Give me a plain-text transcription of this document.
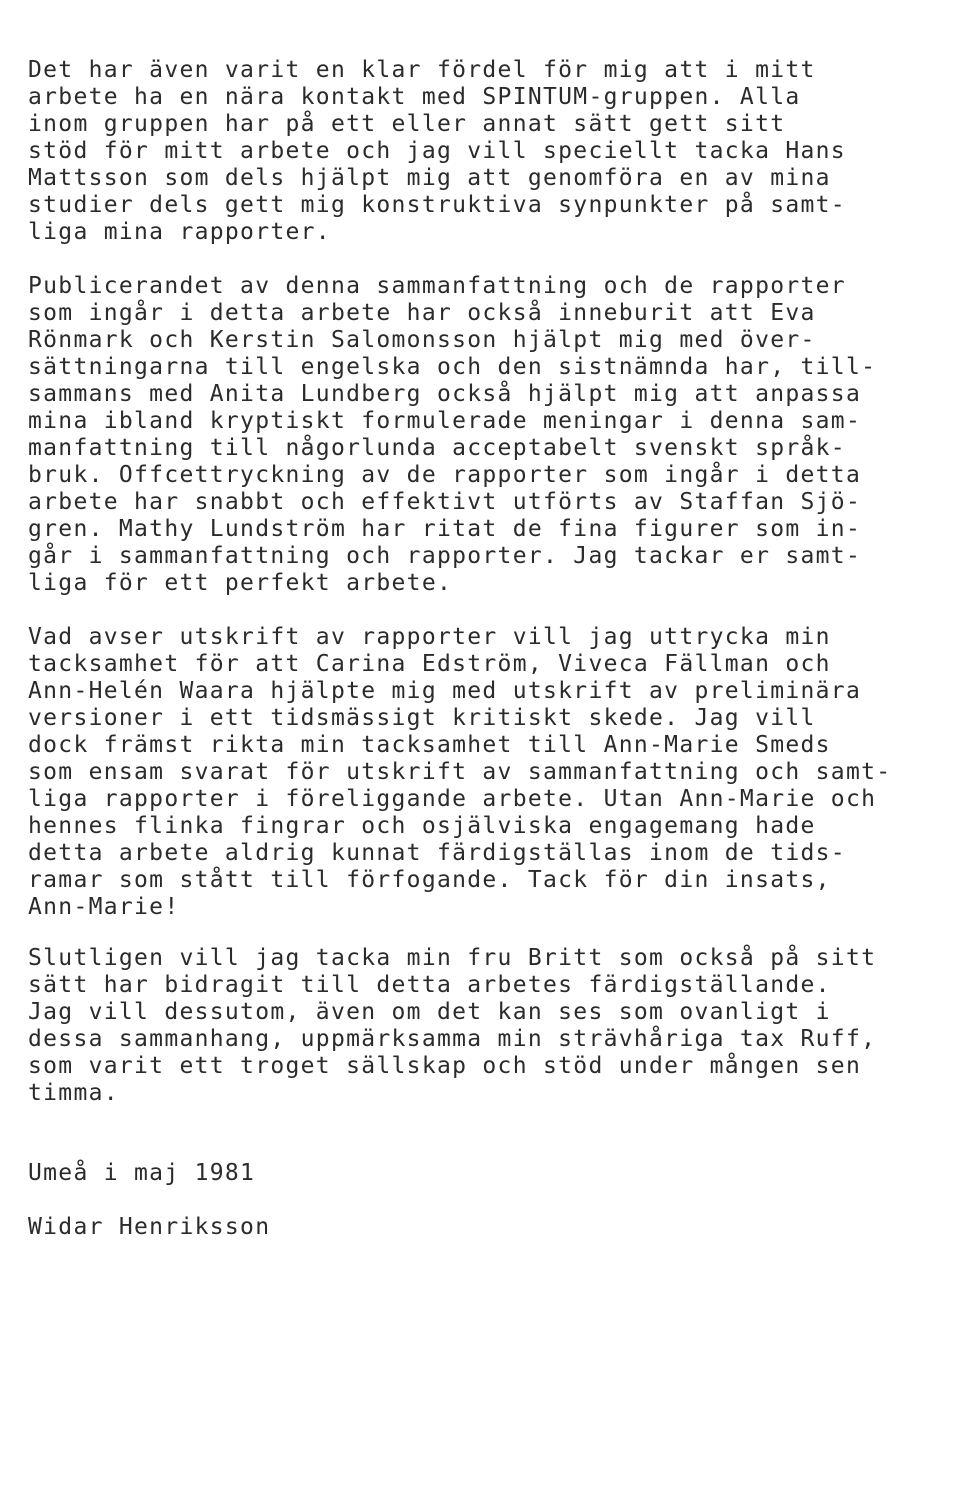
Det har även varit en klar fördel för mig att i mitt

arbete ha en nära kontakt med SPINTUM-gruppen. Alla

inom gruppen har på ett eller annat sätt gett sitt

stöd för mitt arbete och jag vill speciellt tacka Hans

Mattsson som dels hjälpt mig att genomföra en av mina

studier dels gett mig konstruktiva synpunkter på samt-

liga mina rapporter.

Publicerandet av denna sammanfattning och de rapporter

som ingår i detta arbete har också inneburit att Eva

Rönmark och Kerstin Salomonsson hjälpt mig med över-

sättningarna till engelska och den sistnämnda har, till-

sammans med Anita Lundberg också hjälpt mig att anpassa

mina ibland kryptiskt formulerade meningar i denna sam-

manfattning till någorlunda acceptabelt svenskt språk-

bruk. Offcettryckning av de rapporter som ingår i detta

arbete har snabbt och effektivt utförts av Staffan Sjö-

gren. Mathy Lundström har ritat de fina figurer som in-

går i sammanfattning och rapporter. Jag tackar er samt-

liga för ett perfekt arbete.

Vad avser utskrift av rapporter vill jag uttrycka min

tacksamhet för att Carina Edström, Viveca Fällman och

Ann-Helén Waara hjälpte mig med utskrift av preliminära

versioner i ett tidsmässigt kritiskt skede. Jag vill

dock främst rikta min tacksamhet till Ann-Marie Smeds

som ensam svarat för utskrift av sammanfattning och samt-

liga rapporter i föreliggande arbete. Utan Ann-Marie och

hennes flinka fingrar och osjälviska engagemang hade

detta arbete aldrig kunnat färdigställas inom de tids-

ramar som stått till förfogande. Tack för din insats,

Ann-Marie!

Slutligen vill jag tacka min fru Britt som också på sitt

sätt har bidragit till detta arbetes färdigställande.

Jag vill dessutom, även om det kan ses som ovanligt i

dessa sammanhang, uppmärksamma min strävhåriga tax Ruff,

som varit ett troget sällskap och stöd under mången sen

timma.

Umeå i maj 1981

Widar Henriksson
